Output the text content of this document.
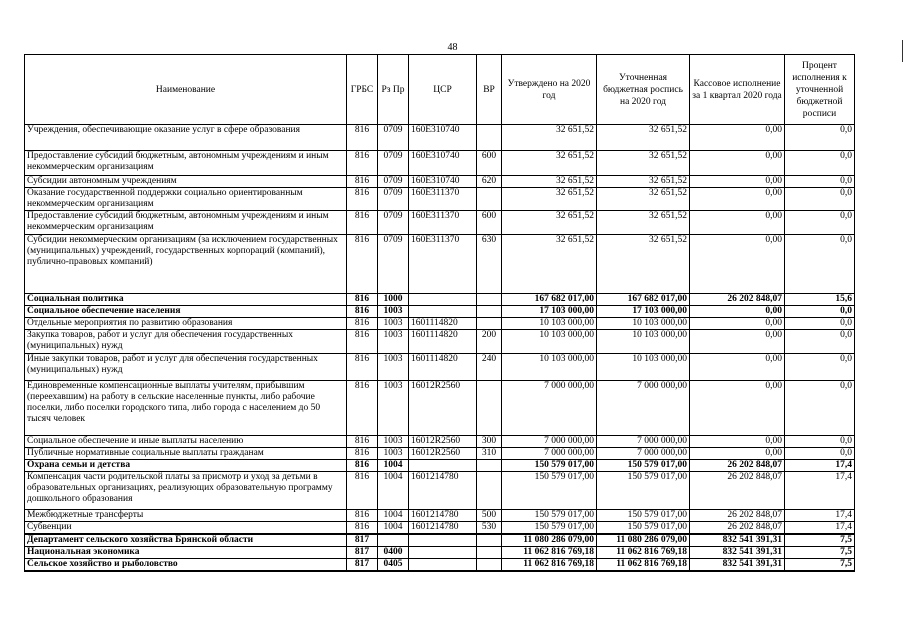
48
Наименование	ГРБС	Рз Пр	ЦСР	ВР	Утверждено на 2020 год	Уточненная бюджетная роспись на 2020 год	Кассовое исполнение за 1 квартал 2020 года	Процент исполнения к уточненной бюджетной росписи
Учреждения, обеспечивающие оказание услуг в сфере образования	816	0709	160E310740		32 651,52	32 651,52	0,00	0,0
Предоставление субсидий бюджетным, автономным учреждениям и иным некоммерческим организациям	816	0709	160E310740	600	32 651,52	32 651,52	0,00	0,0
Субсидии автономным учреждениям	816	0709	160E310740	620	32 651,52	32 651,52	0,00	0,0
Оказание государственной поддержки социально ориентированным некоммерческим организациям	816	0709	160E311370		32 651,52	32 651,52	0,00	0,0
Предоставление субсидий бюджетным, автономным учреждениям и иным некоммерческим организациям	816	0709	160E311370	600	32 651,52	32 651,52	0,00	0,0
Субсидии некоммерческим организациям (за исключением государственных (муниципальных) учреждений, государственных корпораций (компаний), публично-правовых компаний)	816	0709	160E311370	630	32 651,52	32 651,52	0,00	0,0
Социальная политика	816	1000			167 682 017,00	167 682 017,00	26 202 848,07	15,6
Социальное обеспечение населения	816	1003			17 103 000,00	17 103 000,00	0,00	0,0
Отдельные мероприятия по развитию образования	816	1003	1601114820		10 103 000,00	10 103 000,00	0,00	0,0
Закупка товаров, работ и услуг для обеспечения государственных (муниципальных) нужд	816	1003	1601114820	200	10 103 000,00	10 103 000,00	0,00	0,0
Иные закупки товаров, работ и услуг для обеспечения государственных (муниципальных) нужд	816	1003	1601114820	240	10 103 000,00	10 103 000,00	0,00	0,0
Единовременные компенсационные выплаты учителям, прибывшим (переехавшим) на работу в сельские населенные пункты, либо рабочие поселки, либо поселки городского типа, либо города с населением до 50 тысяч человек	816	1003	16012R2560		7 000 000,00	7 000 000,00	0,00	0,0
Социальное обеспечение и иные выплаты населению	816	1003	16012R2560	300	7 000 000,00	7 000 000,00	0,00	0,0
Публичные нормативные социальные выплаты гражданам	816	1003	16012R2560	310	7 000 000,00	7 000 000,00	0,00	0,0
Охрана семьи и детства	816	1004			150 579 017,00	150 579 017,00	26 202 848,07	17,4
Компенсация части родительской платы за присмотр и уход за детьми в образовательных организациях, реализующих образовательную программу дошкольного образования	816	1004	1601214780		150 579 017,00	150 579 017,00	26 202 848,07	17,4
Межбюджетные трансферты	816	1004	1601214780	500	150 579 017,00	150 579 017,00	26 202 848,07	17,4
Субвенции	816	1004	1601214780	530	150 579 017,00	150 579 017,00	26 202 848,07	17,4
Департамент сельского хозяйства Брянской области	817				11 080 286 079,00	11 080 286 079,00	832 541 391,31	7,5
Национальная экономика	817	0400			11 062 816 769,18	11 062 816 769,18	832 541 391,31	7,5
Сельское хозяйство и рыболовство	817	0405			11 062 816 769,18	11 062 816 769,18	832 541 391,31	7,5
